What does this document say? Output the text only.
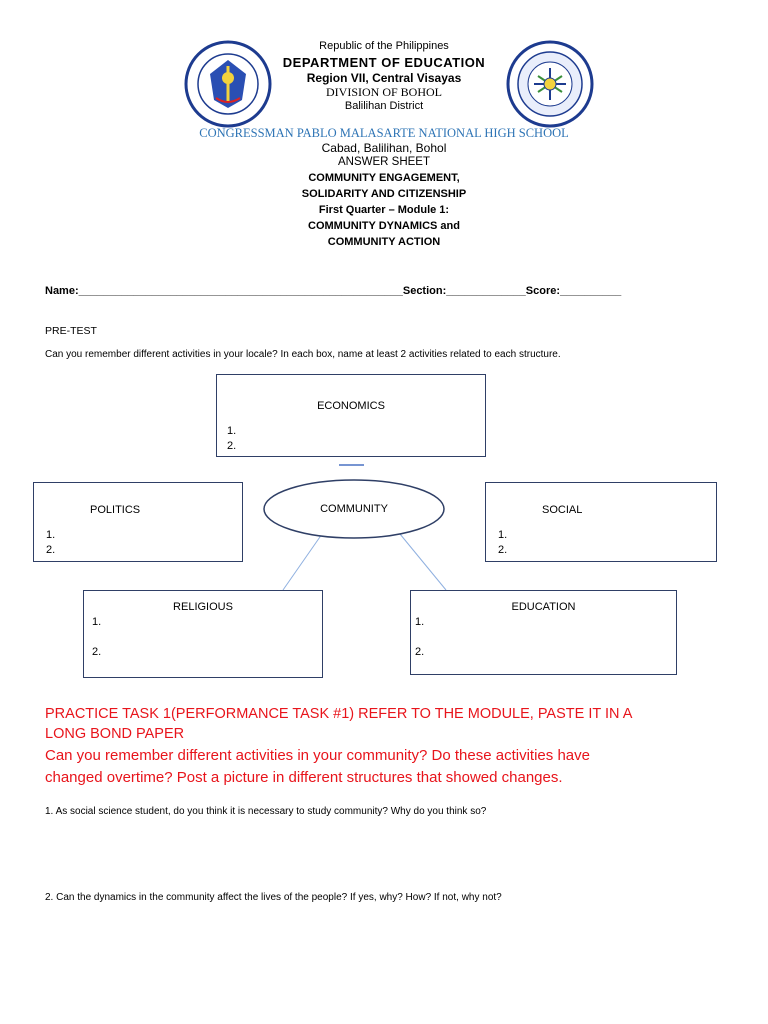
Republic of the Philippines
DEPARTMENT OF EDUCATION
Region VII, Central Visayas
DIVISION OF BOHOL
Balilihan District
CONGRESSMAN PABLO MALASARTE NATIONAL HIGH SCHOOL
Cabad, Balilihan, Bohol
ANSWER SHEET
COMMUNITY ENGAGEMENT,
SOLIDARITY AND CITIZENSHIP
First Quarter – Module 1:
COMMUNITY DYNAMICS and
COMMUNITY ACTION
Name:_____________________________________________________Section:_____________Score:__________
PRE-TEST
Can you remember different activities in your locale? In each box, name at least 2 activities related to each structure.
ECONOMICS
1.
2.
COMMUNITY
POLITICS
1.
2.
SOCIAL
1.
2.
RELIGIOUS
1.
2.
EDUCATION
1.
2.
PRACTICE TASK 1(PERFORMANCE TASK #1) REFER TO THE MODULE, PASTE IT IN A
LONG BOND PAPER
Can you remember different activities in your community? Do these activities have
changed overtime? Post a picture in different structures that showed changes.
1. As social science student, do you think it is necessary to study community? Why do you think so?
2. Can the dynamics in the community affect the lives of the people? If yes, why? How? If not, why not?
